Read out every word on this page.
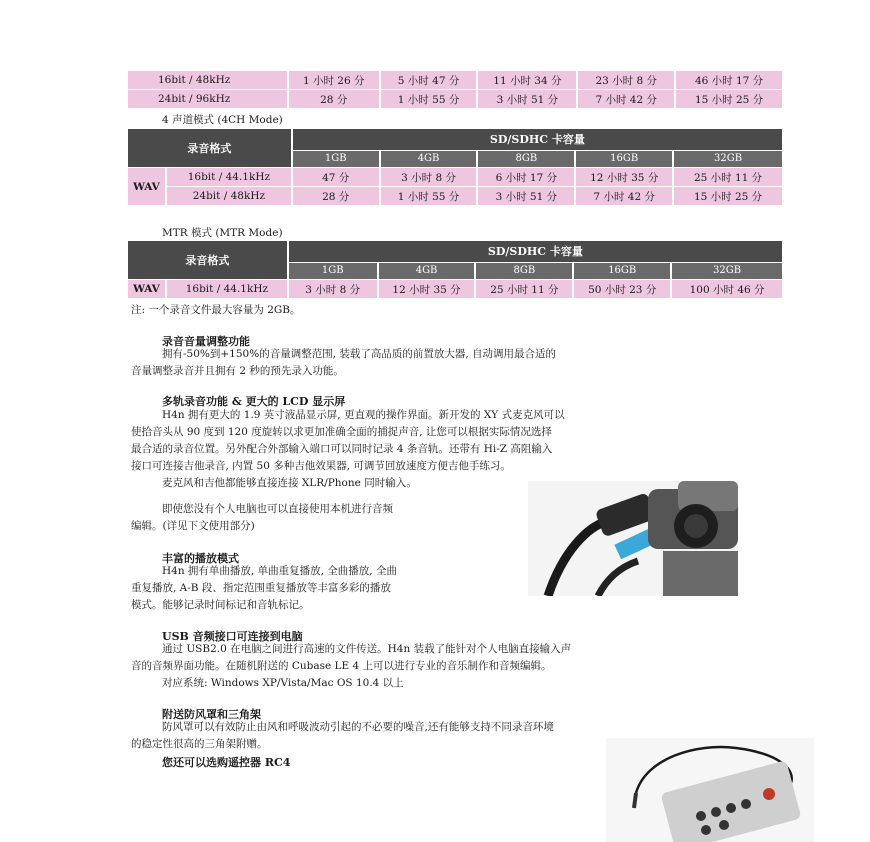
16bit / 48kHz	1 小时 26 分	5 小时 47 分	11 小时 34 分	23 小时 8 分	46 小时 17 分
24bit / 96kHz	28 分	1 小时 55 分	3 小时 51 分	7 小时 42 分	15 小时 25 分
4 声道模式 (4CH Mode)
录音格式		SD/SDHC 卡容量				
		1GB	4GB	8GB	16GB	32GB
WAV	16bit / 44.1kHz	47 分	3 小时 8 分	6 小时 17 分	12 小时 35 分	25 小时 11 分
	24bit / 48kHz	28 分	1 小时 55 分	3 小时 51 分	7 小时 42 分	15 小时 25 分
MTR 模式 (MTR Mode)
录音格式		SD/SDHC 卡容量				
		1GB	4GB	8GB	16GB	32GB
WAV	16bit / 44.1kHz	3 小时 8 分	12 小时 35 分	25 小时 11 分	50 小时 23 分	100 小时 46 分
注: 一个录音文件最大容量为 2GB。
录音音量调整功能
拥有-50%到+150%的音量调整范围, 装载了高品质的前置放大器, 自动调用最合适的
音量调整录音并且拥有 2 秒的预先录入功能。
多轨录音功能 & 更大的 LCD 显示屏
H4n 拥有更大的 1.9 英寸液晶显示屏, 更直观的操作界面。新开发的 XY 式麦克风可以
使拾音头从 90 度到 120 度旋转以求更加准确全面的捕捉声音, 让您可以根据实际情况选择
最合适的录音位置。另外配合外部输入端口可以同时记录 4 条音轨。还带有 Hi-Z 高阻输入
接口可连接吉他录音, 内置 50 多种吉他效果器, 可调节回放速度方便吉他手练习。
麦克风和吉他都能够直接连接 XLR/Phone 同时输入。
即使您没有个人电脑也可以直接使用本机进行音频
编辑。(详见下文使用部分)
丰富的播放模式
H4n 拥有单曲播放, 单曲重复播放, 全曲播放, 全曲
重复播放, A-B 段、指定范围重复播放等丰富多彩的播放
模式。能够记录时间标记和音轨标记。
USB 音频接口可连接到电脑
通过 USB2.0 在电脑之间进行高速的文件传送。H4n 装载了能针对个人电脑直接输入声
音的音频界面功能。在随机附送的 Cubase LE 4 上可以进行专业的音乐制作和音频编辑。
对应系统: Windows XP/Vista/Mac OS 10.4 以上
附送防风罩和三角架
防风罩可以有效防止由风和呼吸波动引起的不必要的噪音,还有能够支持不同录音环境
的稳定性很高的三角架附赠。
您还可以选购遥控器 RC4
